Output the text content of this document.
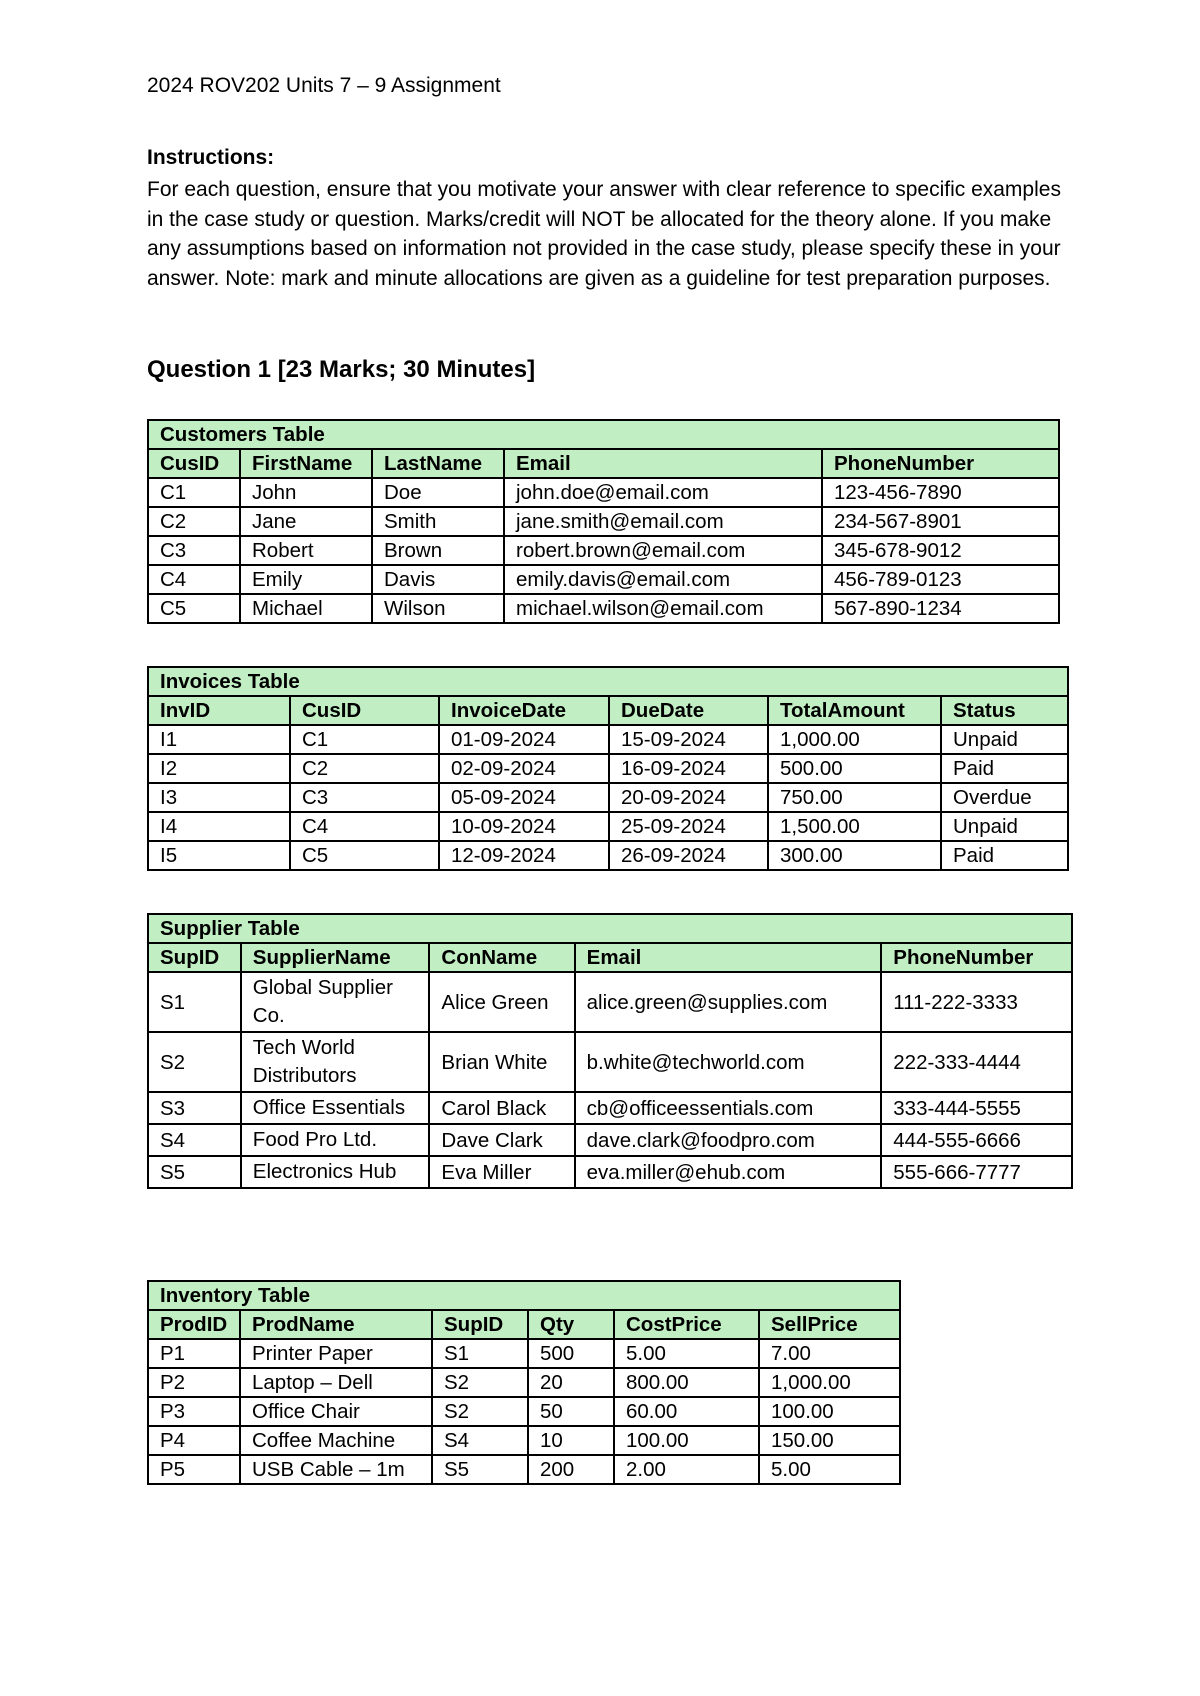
2024 ROV202 Units 7 – 9 Assignment
Instructions:
For each question, ensure that you motivate your answer with clear reference to specific examples in the case study or question. Marks/credit will NOT be allocated for the theory alone. If you make any assumptions based on information not provided in the case study, please specify these in your answer. Note: mark and minute allocations are given as a guideline for test preparation purposes.
Question 1 [23 Marks; 30 Minutes]
Customers Table				
CusID	FirstName	LastName	Email	PhoneNumber
C1	John	Doe	john.doe@email.com	123-456-7890
C2	Jane	Smith	jane.smith@email.com	234-567-8901
C3	Robert	Brown	robert.brown@email.com	345-678-9012
C4	Emily	Davis	emily.davis@email.com	456-789-0123
C5	Michael	Wilson	michael.wilson@email.com	567-890-1234
Invoices Table					
InvID	CusID	InvoiceDate	DueDate	TotalAmount	Status
I1	C1	01-09-2024	15-09-2024	1,000.00	Unpaid
I2	C2	02-09-2024	16-09-2024	500.00	Paid
I3	C3	05-09-2024	20-09-2024	750.00	Overdue
I4	C4	10-09-2024	25-09-2024	1,500.00	Unpaid
I5	C5	12-09-2024	26-09-2024	300.00	Paid
Supplier Table				
SupID	SupplierName	ConName	Email	PhoneNumber
S1	Global Supplier Co.	Alice Green	alice.green@supplies.com	111-222-3333
S2	Tech World Distributors	Brian White	b.white@techworld.com	222-333-4444
S3	Office Essentials	Carol Black	cb@officeessentials.com	333-444-5555
S4	Food Pro Ltd.	Dave Clark	dave.clark@foodpro.com	444-555-6666
S5	Electronics Hub	Eva Miller	eva.miller@ehub.com	555-666-7777
Inventory Table					
ProdID	ProdName	SupID	Qty	CostPrice	SellPrice
P1	Printer Paper	S1	500	5.00	7.00
P2	Laptop – Dell	S2	20	800.00	1,000.00
P3	Office Chair	S2	50	60.00	100.00
P4	Coffee Machine	S4	10	100.00	150.00
P5	USB Cable – 1m	S5	200	2.00	5.00
